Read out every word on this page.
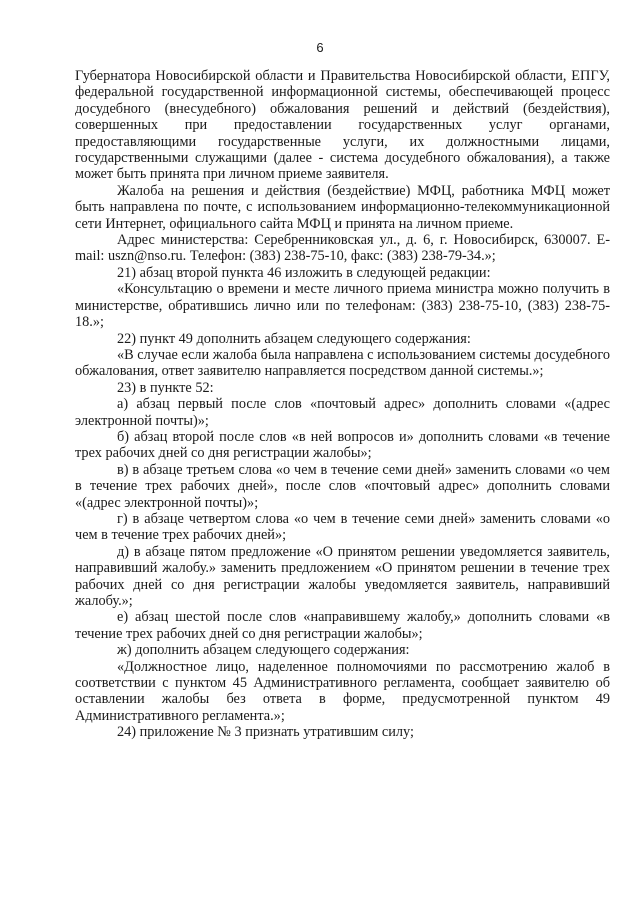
6

Губернатора Новосибирской области и Правительства Новосибирской области, ЕПГУ, федеральной государственной информационной системы, обеспечивающей процесс досудебного (внесудебного) обжалования решений и действий (бездействия), совершенных при предоставлении государственных услуг органами, предоставляющими государственные услуги, их должностными лицами, государственными служащими (далее - система досудебного обжалования), а также может быть принята при личном приеме заявителя.

Жалоба на решения и действия (бездействие) МФЦ, работника МФЦ может быть направлена по почте, с использованием информационно-телекоммуникационной сети Интернет, официального сайта МФЦ и принята на личном приеме.

Адрес министерства: Серебренниковская ул., д. 6, г. Новосибирск, 630007. E-mail: uszn@nso.ru. Телефон: (383) 238-75-10, факс: (383) 238-79-34.»;

21) абзац второй пункта 46 изложить в следующей редакции:

«Консультацию о времени и месте личного приема министра можно получить в министерстве, обратившись лично или по телефонам: (383) 238-75-10, (383) 238-75-18.»;

22) пункт 49 дополнить абзацем следующего содержания:

«В случае если жалоба была направлена с использованием системы досудебного обжалования, ответ заявителю направляется посредством данной системы.»;

23) в пункте 52:

а) абзац первый после слов «почтовый адрес» дополнить словами «(адрес электронной почты)»;

б) абзац второй после слов «в ней вопросов и» дополнить словами «в течение трех рабочих дней со дня регистрации жалобы»;

в) в абзаце третьем слова «о чем в течение семи дней» заменить словами «о чем в течение трех рабочих дней», после слов «почтовый адрес» дополнить словами «(адрес электронной почты)»;

г) в абзаце четвертом слова «о чем в течение семи дней» заменить словами «о чем в течение трех рабочих дней»;

д) в абзаце пятом предложение «О принятом решении уведомляется заявитель, направивший жалобу.» заменить предложением «О принятом решении в течение трех рабочих дней со дня регистрации жалобы уведомляется заявитель, направивший жалобу.»;

е) абзац шестой после слов «направившему жалобу,» дополнить словами «в течение трех рабочих дней со дня регистрации жалобы»;

ж) дополнить абзацем следующего содержания:

«Должностное лицо, наделенное полномочиями по рассмотрению жалоб в соответствии с пунктом 45 Административного регламента, сообщает заявителю об оставлении жалобы без ответа в форме, предусмотренной пунктом 49 Административного регламента.»;

24) приложение № 3 признать утратившим силу;
